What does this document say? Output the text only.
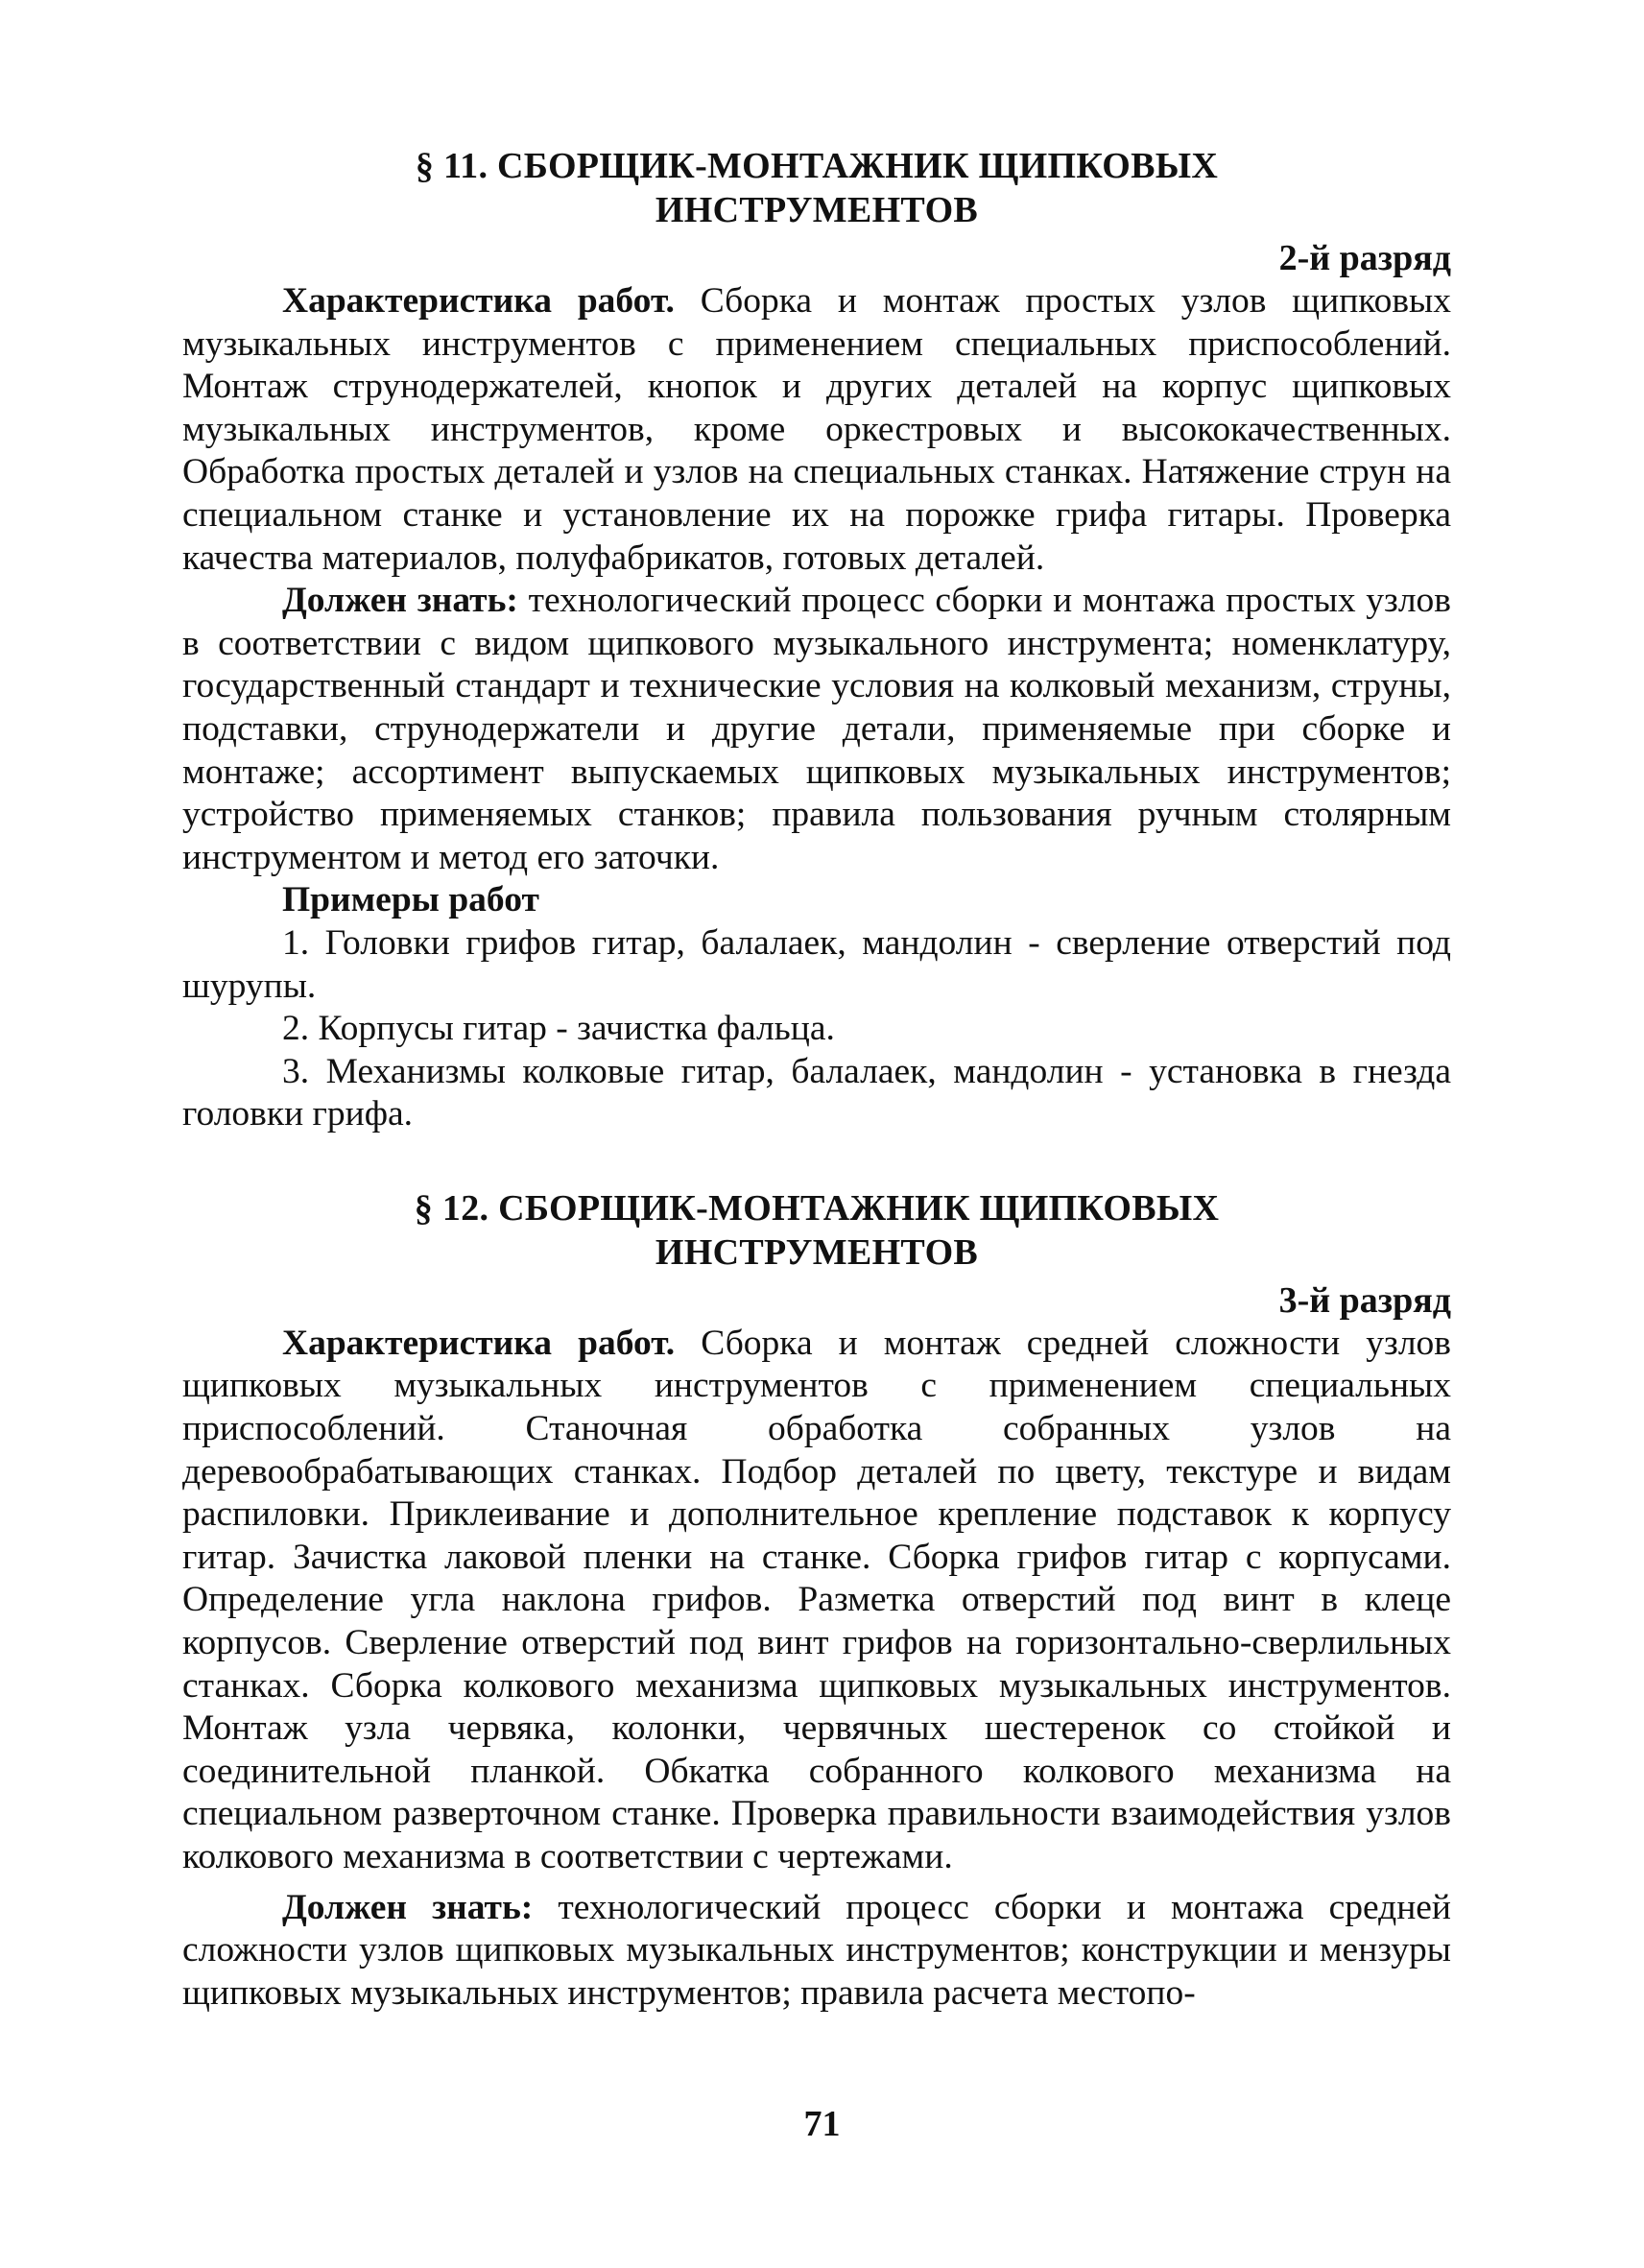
§ 11. СБОРЩИК-МОНТАЖНИК ЩИПКОВЫХ
ИНСТРУМЕНТОВ
2-й разряд

Характеристика работ. Сборка и монтаж простых узлов щипковых музыкальных инструментов с применением специальных приспособлений. Монтаж струнодержателей, кнопок и других деталей на корпус щипковых музыкальных инструментов, кроме оркестровых и высококачественных. Обработка простых деталей и узлов на специальных станках. Натяжение струн на специальном станке и установление их на порожке грифа гитары. Проверка качества материалов, полуфабрикатов, готовых деталей.

Должен знать: технологический процесс сборки и монтажа простых узлов в соответствии с видом щипкового музыкального инструмента; номенклатуру, государственный стандарт и технические условия на колковый механизм, струны, подставки, струнодержатели и другие детали, применяемые при сборке и монтаже; ассортимент выпускаемых щипковых музыкальных инструментов; устройство применяемых станков; правила пользования ручным столярным инструментом и метод его заточки.

Примеры работ

1. Головки грифов гитар, балалаек, мандолин - сверление отверстий под шурупы.

2. Корпусы гитар - зачистка фальца.

3. Механизмы колковые гитар, балалаек, мандолин - установка в гнезда головки грифа.

§ 12. СБОРЩИК-МОНТАЖНИК ЩИПКОВЫХ
ИНСТРУМЕНТОВ
3-й разряд

Характеристика работ. Сборка и монтаж средней сложности узлов щипковых музыкальных инструментов с применением специальных приспособлений. Станочная обработка собранных узлов на деревообрабатывающих станках. Подбор деталей по цвету, текстуре и видам распиловки. Приклеивание и дополнительное крепление подставок к корпусу гитар. Зачистка лаковой пленки на станке. Сборка грифов гитар с корпусами. Определение угла наклона грифов. Разметка отверстий под винт в клеце корпусов. Сверление отверстий под винт грифов на горизонтально-сверлильных станках. Сборка колкового механизма щипковых музыкальных инструментов. Монтаж узла червяка, колонки, червячных шестеренок со стойкой и соединительной планкой. Обкатка собранного колкового механизма на специальном разверточном станке. Проверка правильности взаимодействия узлов колкового механизма в соответствии с чертежами.

Должен знать: технологический процесс сборки и монтажа средней сложности узлов щипковых музыкальных инструментов; конструкции и мензуры щипковых музыкальных инструментов; правила расчета местопо-

71
